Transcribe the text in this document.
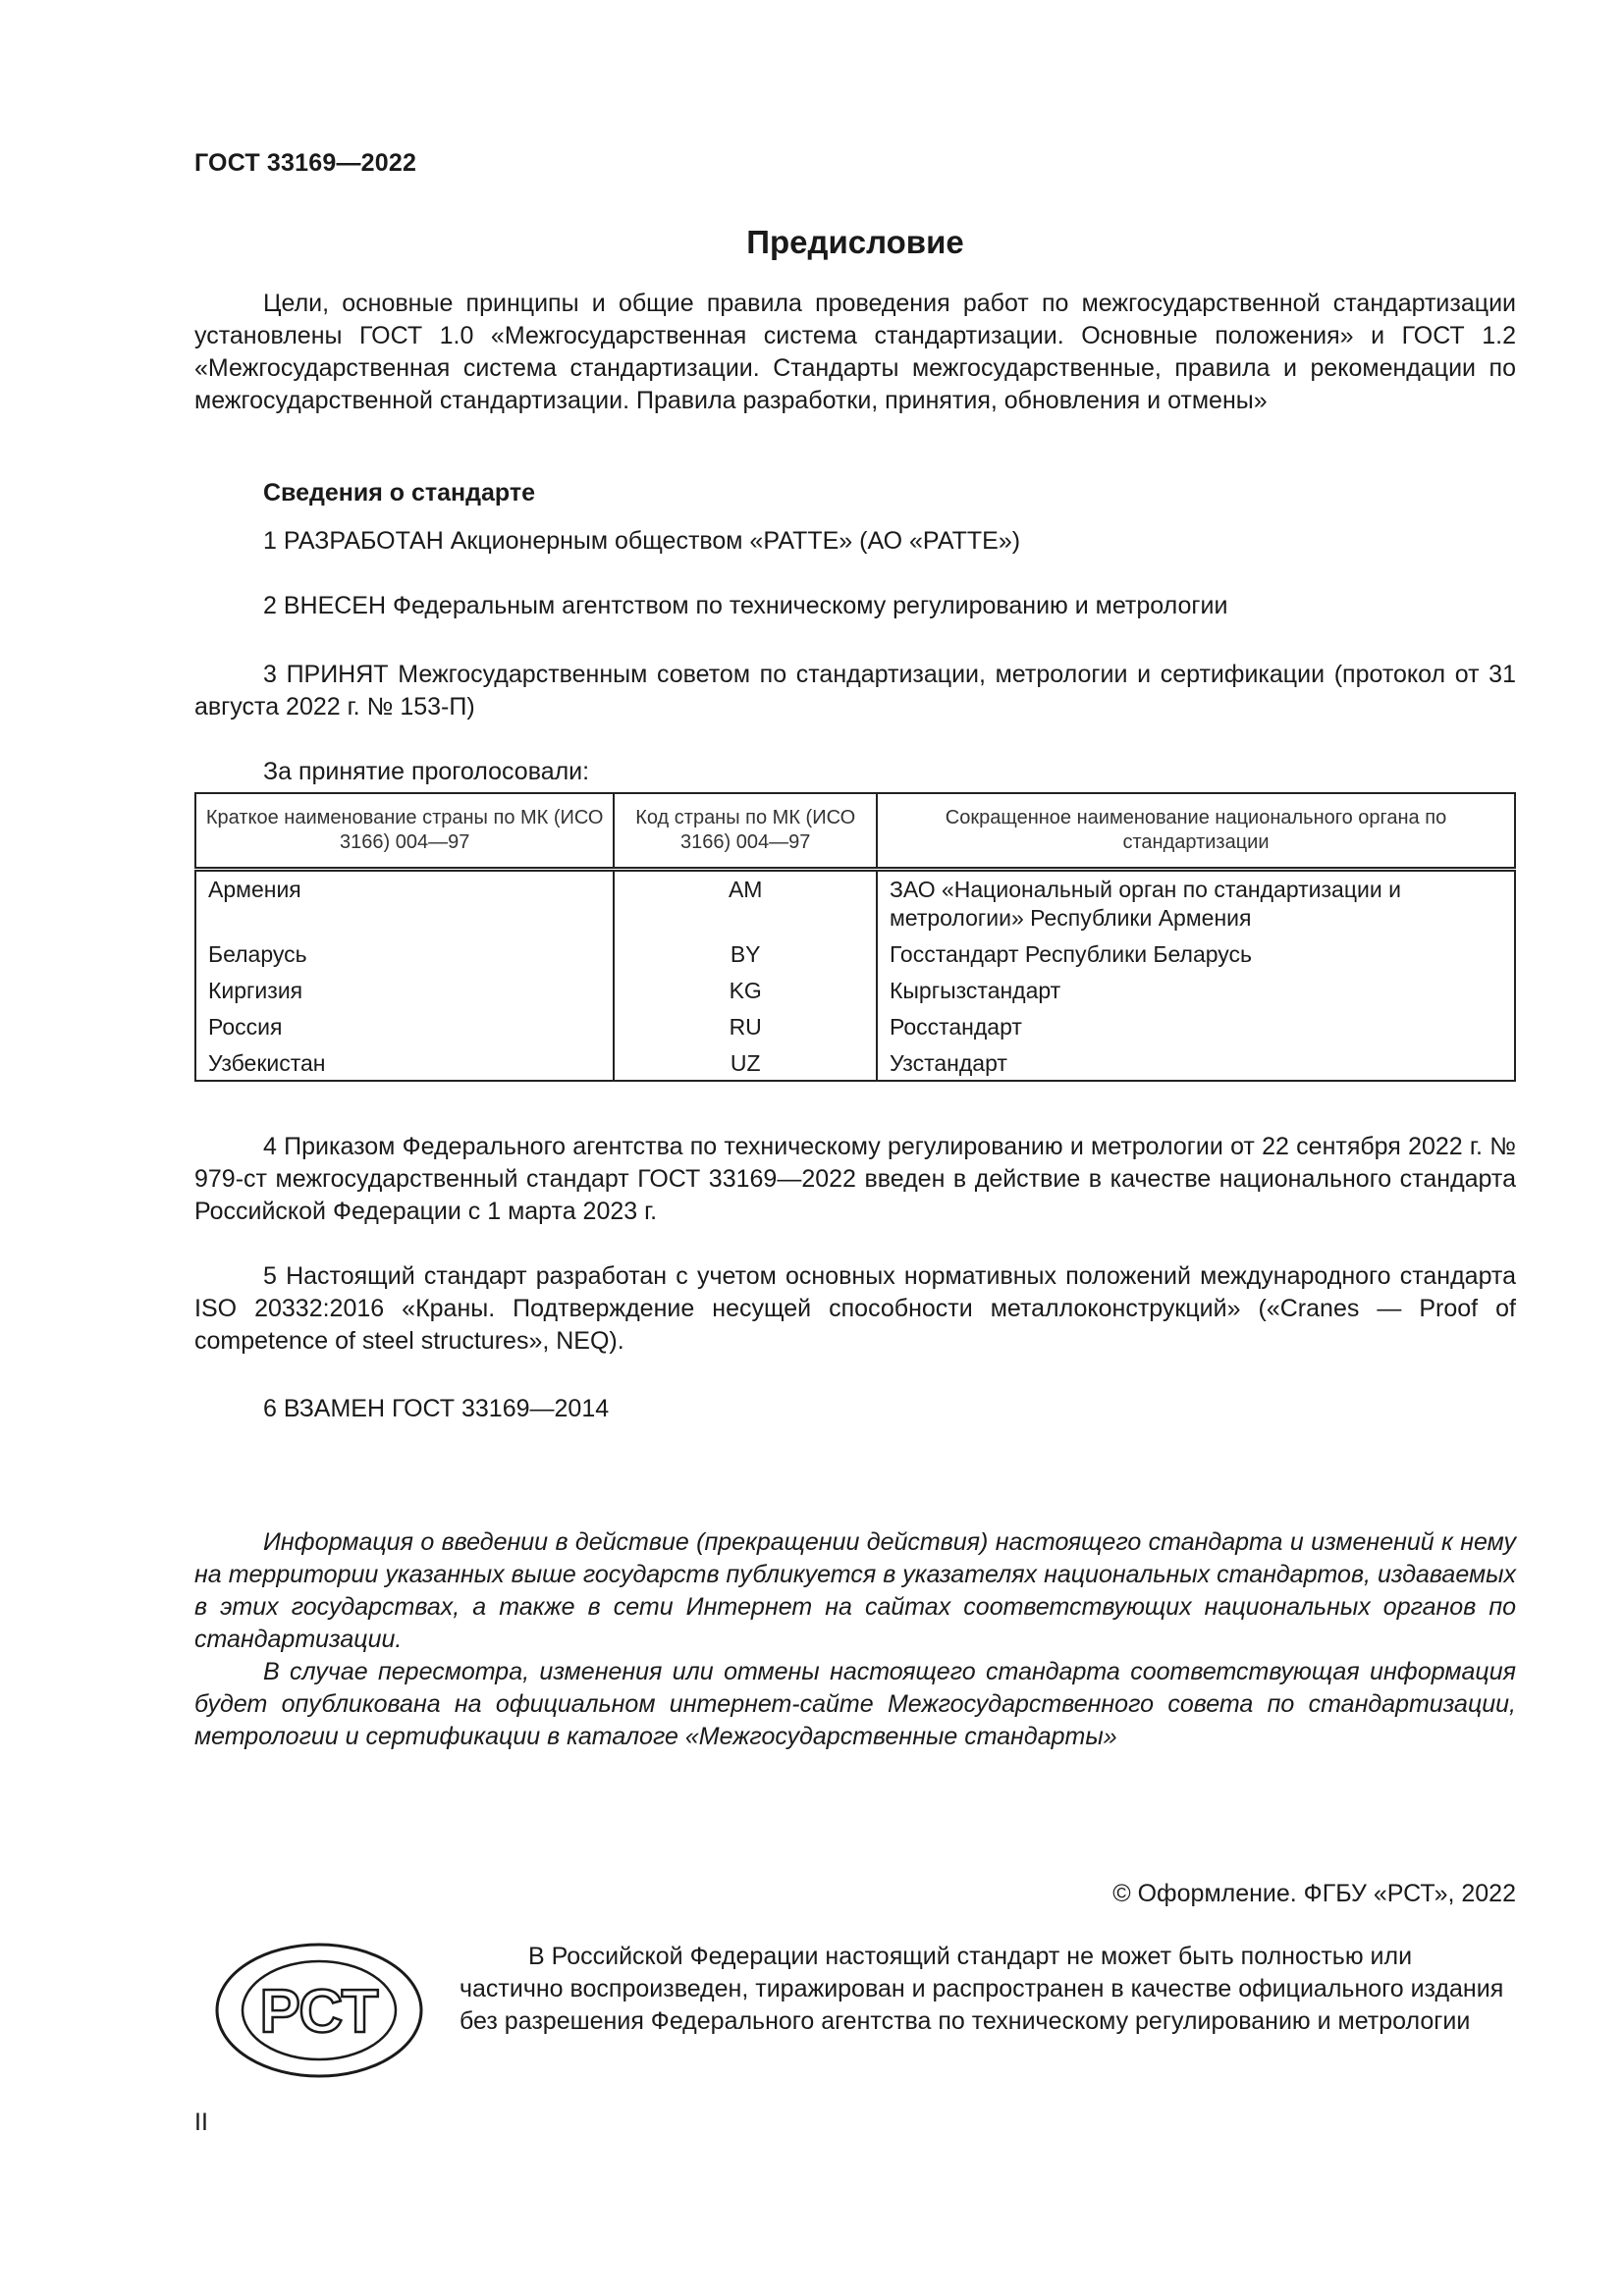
ГОСТ 33169—2022
Предисловие
Цели, основные принципы и общие правила проведения работ по межгосударственной стандартизации установлены ГОСТ 1.0 «Межгосударственная система стандартизации. Основные положения» и ГОСТ 1.2 «Межгосударственная система стандартизации. Стандарты межгосударственные, правила и рекомендации по межгосударственной стандартизации. Правила разработки, принятия, обновления и отмены»
Сведения о стандарте
1 РАЗРАБОТАН Акционерным обществом «РАТТЕ» (АО «РАТТЕ»)
2 ВНЕСЕН Федеральным агентством по техническому регулированию и метрологии
3 ПРИНЯТ Межгосударственным советом по стандартизации, метрологии и сертификации (протокол от 31 августа 2022 г. № 153-П)
За принятие проголосовали:
Краткое наименование страны по МК (ИСО 3166) 004—97	Код страны по МК (ИСО 3166) 004—97	Сокращенное наименование национального органа по стандартизации
Армения	AM	ЗАО «Национальный орган по стандартизации и метрологии» Республики Армения
Беларусь	BY	Госстандарт Республики Беларусь
Киргизия	KG	Кыргызстандарт
Россия	RU	Росстандарт
Узбекистан	UZ	Узстандарт
4 Приказом Федерального агентства по техническому регулированию и метрологии от 22 сентября 2022 г. № 979-ст межгосударственный стандарт ГОСТ 33169—2022 введен в действие в качестве национального стандарта Российской Федерации с 1 марта 2023 г.
5 Настоящий стандарт разработан с учетом основных нормативных положений международного стандарта ISO 20332:2016 «Краны. Подтверждение несущей способности металлоконструкций» («Cranes — Proof of competence of steel structures», NEQ).
6 ВЗАМЕН ГОСТ 33169—2014
Информация о введении в действие (прекращении действия) настоящего стандарта и изменений к нему на территории указанных выше государств публикуется в указателях национальных стандартов, издаваемых в этих государствах, а также в сети Интернет на сайтах соответствующих национальных органов по стандартизации.
В случае пересмотра, изменения или отмены настоящего стандарта соответствующая информация будет опубликована на официальном интернет-сайте Межгосударственного совета по стандартизации, метрологии и сертификации в каталоге «Межгосударственные стандарты»
© Оформление. ФГБУ «РСТ», 2022
РСТ
В Российской Федерации настоящий стандарт не может быть полностью или частично воспроизведен, тиражирован и распространен в качестве официального издания без разрешения Федерального агентства по техническому регулированию и метрологии
II
